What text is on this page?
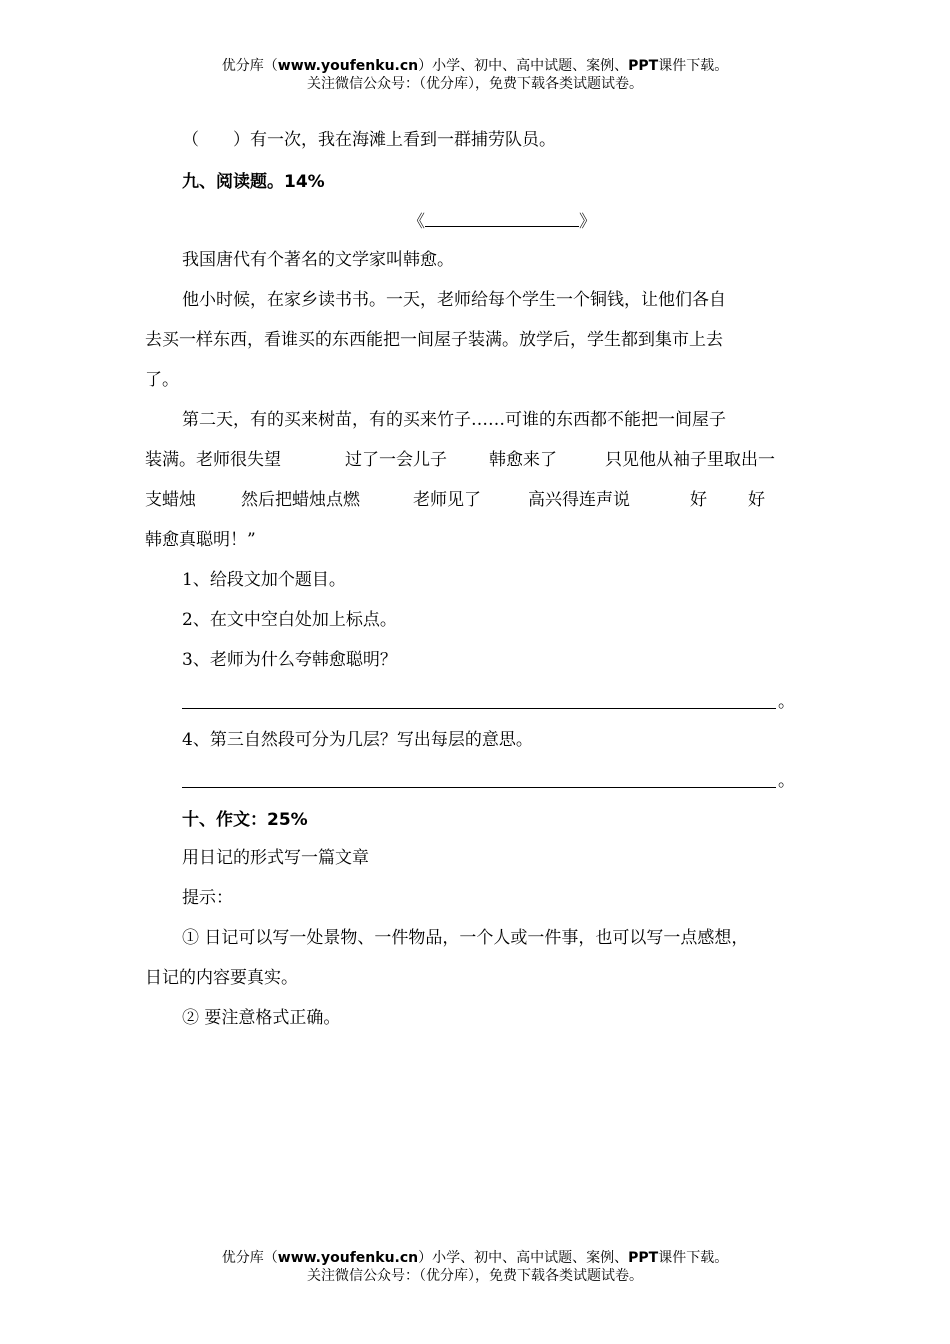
优分库（www.youfenku.cn）小学、初中、高中试题、案例、PPT课件下载。
关注微信公众号：（优分库），免费下载各类试题试卷。
（　　）有一次，我在海滩上看到一群捕劳队员。
九、阅读题。14%
《	》
我国唐代有个著名的文学家叫韩愈。
他小时候，在家乡读书书。一天，老师给每个学生一个铜钱，让他们各自
去买一样东西，看谁买的东西能把一间屋子装满。放学后，学生都到集市上去
了。
第二天，有的买来树苗，有的买来竹子……可谁的东西都不能把一间屋子
装满。老师很失望	过了一会儿子 韩愈来了	只见他从袖子里取出一
支蜡烛	然后把蜡烛点燃	老师见了	高兴得连声说	好 好
韩愈真聪明！”
1、给段文加个题目。
2、在文中空白处加上标点。
3、老师为什么夸韩愈聪明？
。
4、第三自然段可分为几层？写出每层的意思。
。
十、作文：25%
用日记的形式写一篇文章
提示：
① 日记可以写一处景物、一件物品，一个人或一件事，也可以写一点感想，
日记的内容要真实。
② 要注意格式正确。
优分库（www.youfenku.cn）小学、初中、高中试题、案例、PPT课件下载。
关注微信公众号：（优分库），免费下载各类试题试卷。
